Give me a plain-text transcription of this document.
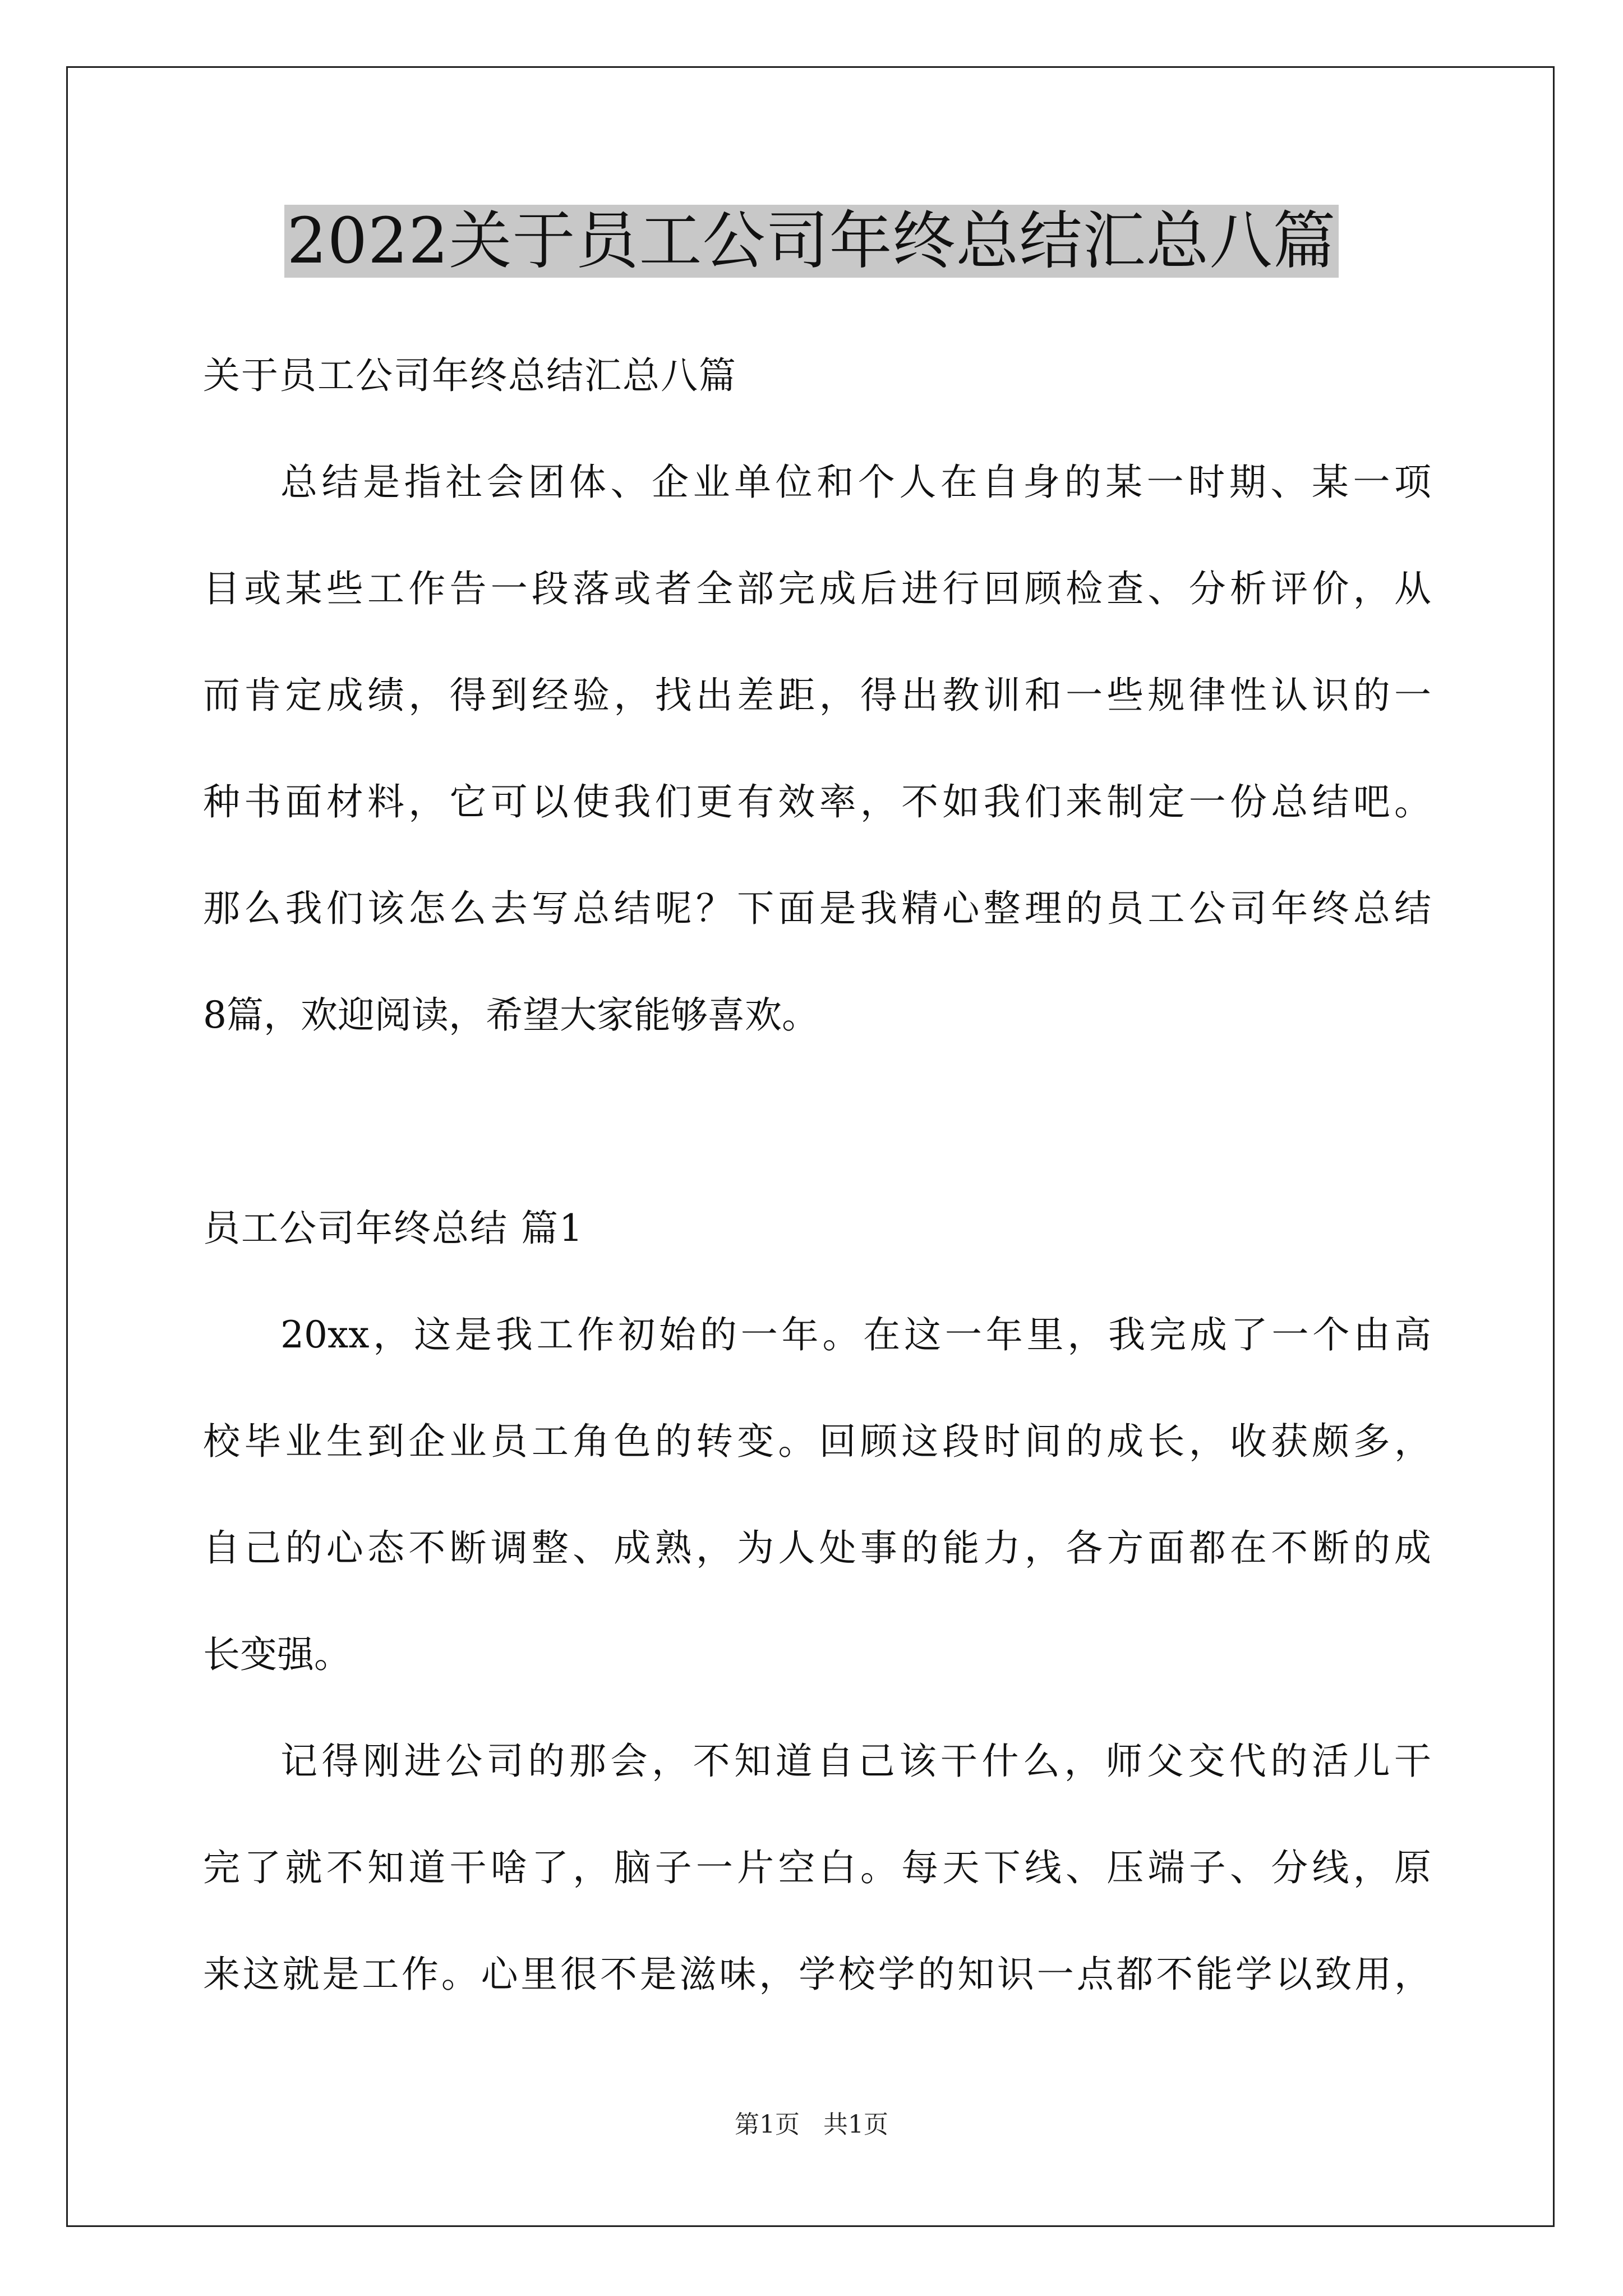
2022关于员工公司年终总结汇总八篇
关于员工公司年终总结汇总八篇
总结是指社会团体、企业单位和个人在自身的某一时期、某一项
目或某些工作告一段落或者全部完成后进行回顾检查、分析评价，从
而肯定成绩，得到经验，找出差距，得出教训和一些规律性认识的一
种书面材料，它可以使我们更有效率，不如我们来制定一份总结吧。
那么我们该怎么去写总结呢？下面是我精心整理的员工公司年终总结
8篇，欢迎阅读，希望大家能够喜欢。
员工公司年终总结 篇1
20xx，这是我工作初始的一年。在这一年里，我完成了一个由高
校毕业生到企业员工角色的转变。回顾这段时间的成长，收获颇多，
自己的心态不断调整、成熟，为人处事的能力，各方面都在不断的成
长变强。
记得刚进公司的那会，不知道自己该干什么，师父交代的活儿干
完了就不知道干啥了，脑子一片空白。每天下线、压端子、分线，原
来这就是工作。心里很不是滋味，学校学的知识一点都不能学以致用，
第1页   共1页
